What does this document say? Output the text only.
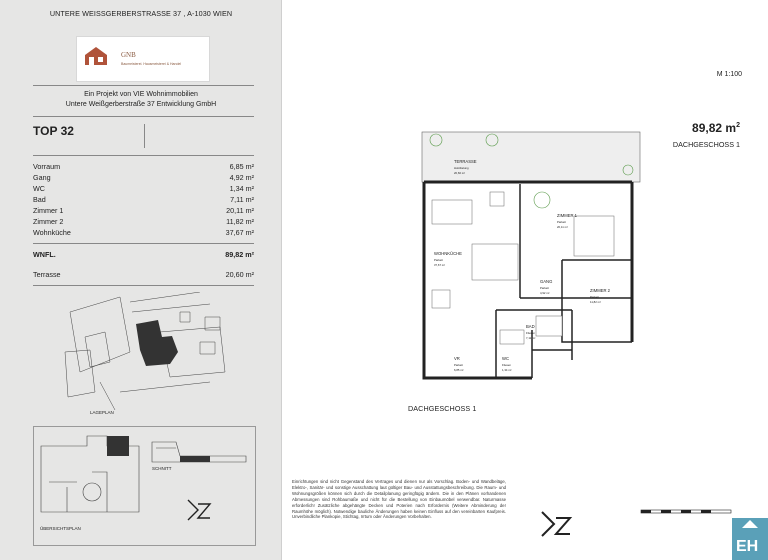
UNTERE WEISSGERBERSTRASSE 37 , A-1030 WIEN
GNB
Baumeisterei. Hausmeisterei & Handel
M 1:100
Ein Projekt von VIE Wohnimmobilien
Untere Weißgerberstraße 37 Entwicklung GmbH
TOP 32	89,82 $m^2$
DACHGESCHOSS 1
Vorraum	6,85 m²
Gang	4,92 m²
WC	1,34 m²
Bad	7,11 m²
Zimmer 1	20,11 m²
Zimmer 2	11,82 m²
Wohnküche	37,67 m²
WNFL.	89,82 m²
Terrasse	20,60 m²
LAGEPLAN
SCHNITT
ÜBERSICHTSPLAN
TERRASSE
Holzdielung
20,60 m²
ZIMMER 1
Parkett
20,11 m²
WOHNKÜCHE
Parkett
37,67 m²
GANG
Parkett
4,92 m²	ZIMMER 2
Parkett
11,82 m²
BAD
Fliesen
7,11 m²
VR
Parkett
6,85 m²
WC
Fliesen
1,34 m²
DACHGESCHOSS 1
Einrichtungen sind nicht Gegenstand des Vertrages und dienen nur als Vorschlag. Boden- und Wandbeläge, Elektro-, Sanitär- und sonstige Ausschattung laut gültiger Bau- und Ausstattungsbeschreibung. Die Raum- und Wohnungsgrößen können sich durch die Detailplanung geringfügig ändern. Die in den Plänen vorhandenen Abmessungen sind Rohbaumaße und nicht für die Bestellung von Einbaumöbel verwendbar. Naturmasse erforderlich! Zusätzliche abgehängte Decken und Poterien nach Erfordernis (Weitere Abminderung der Raumhöhe möglich). Notwendige bauliche Änderungen haben keinen Einfluss auf den vereinbarten Kaufpreis. Unverbindliche Plankopie, Stichtag, Irrtum oder Änderungen Vorbehalten.
EH
